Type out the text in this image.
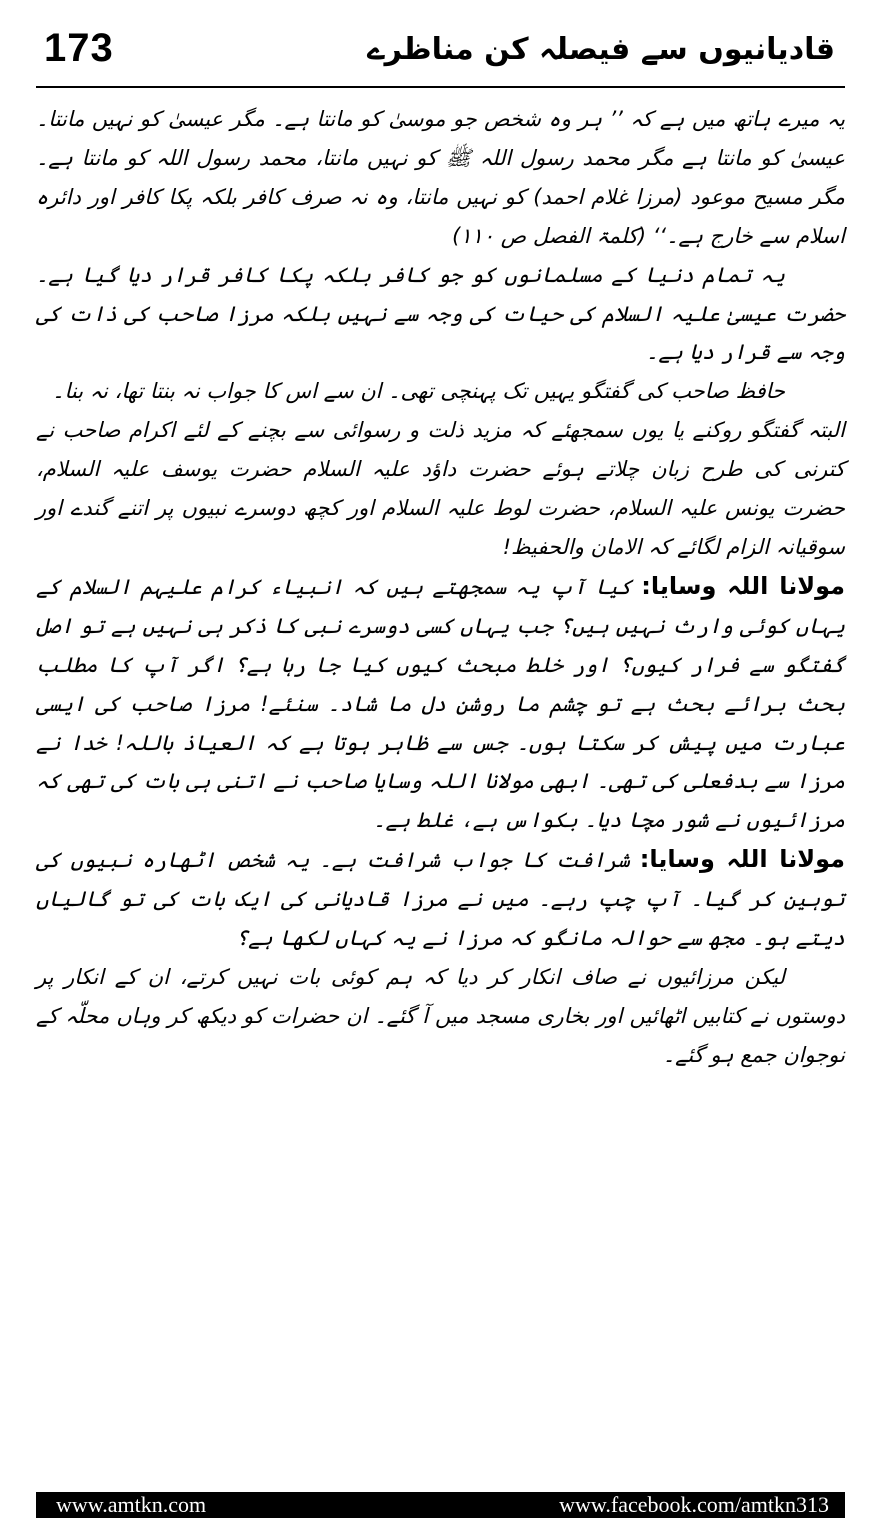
173	قادیانیوں سے فیصلہ کن مناظرے

یہ میرے ہاتھ میں ہے کہ ’’ ہر وہ شخص جو موسیٰ کو مانتا ہے۔ مگر عیسیٰ کو نہیں مانتا۔ عیسیٰ کو مانتا ہے مگر محمد رسول اللہ ﷺ کو نہیں مانتا، محمد رسول اللہ کو مانتا ہے۔ مگر مسیح موعود (مرزا غلام احمد) کو نہیں مانتا، وہ نہ صرف کافر بلکہ پکا کافر اور دائرہ اسلام سے خارج ہے۔‘‘ (کلمۃ الفصل ص ۱۱۰)

یہ تمام دنیا کے مسلمانوں کو جو کافر بلکہ پکا کافر قرار دیا گیا ہے۔ حضرت عیسیٰ علیہ السلام کی حیات کی وجہ سے نہیں بلکہ مرزا صاحب کی ذات کی وجہ سے قرار دیا ہے۔

حافظ صاحب کی گفتگو یہیں تک پہنچی تھی۔ ان سے اس کا جواب نہ بنتا تھا، نہ بنا۔

البتہ گفتگو روکنے یا یوں سمجھئے کہ مزید ذلت و رسوائی سے بچنے کے لئے اکرام صاحب نے کترنی کی طرح زبان چلاتے ہوئے حضرت داؤد علیہ السلام حضرت یوسف علیہ السلام، حضرت یونس علیہ السلام، حضرت لوط علیہ السلام اور کچھ دوسرے نبیوں پر اتنے گندے اور سوقیانہ الزام لگائے کہ الامان والحفیظ!

مولانا اللہ وسایا: کیا آپ یہ سمجھتے ہیں کہ انبیاء کرام علیہم السلام کے یہاں کوئی وارث نہیں ہیں؟ جب یہاں کسی دوسرے نبی کا ذکر ہی نہیں ہے تو اصل گفتگو سے فرار کیوں؟ اور خلط مبحث کیوں کیا جا رہا ہے؟ اگر آپ کا مطلب بحث برائے بحث ہے تو چشم ما روشن دل ما شاد۔ سنئے! مرزا صاحب کی ایسی عبارت میں پیش کر سکتا ہوں۔ جس سے ظاہر ہوتا ہے کہ العیاذ باللہ! خدا نے مرزا سے بدفعلی کی تھی۔ ابھی مولانا اللہ وسایا صاحب نے اتنی ہی بات کی تھی کہ مرزائیوں نے شور مچا دیا۔ بکواس ہے، غلط ہے۔

مولانا اللہ وسایا: شرافت کا جواب شرافت ہے۔ یہ شخص اٹھارہ نبیوں کی توہین کر گیا۔ آپ چپ رہے۔ میں نے مرزا قادیانی کی ایک بات کی تو گالیاں دیتے ہو۔ مجھ سے حوالہ مانگو کہ مرزا نے یہ کہاں لکھا ہے؟

لیکن مرزائیوں نے صاف انکار کر دیا کہ ہم کوئی بات نہیں کرتے، ان کے انکار پر دوستوں نے کتابیں اٹھائیں اور بخاری مسجد میں آ گئے۔ ان حضرات کو دیکھ کر وہاں محلّہ کے نوجوان جمع ہو گئے۔

www.amtkn.com	www.facebook.com/amtkn313
